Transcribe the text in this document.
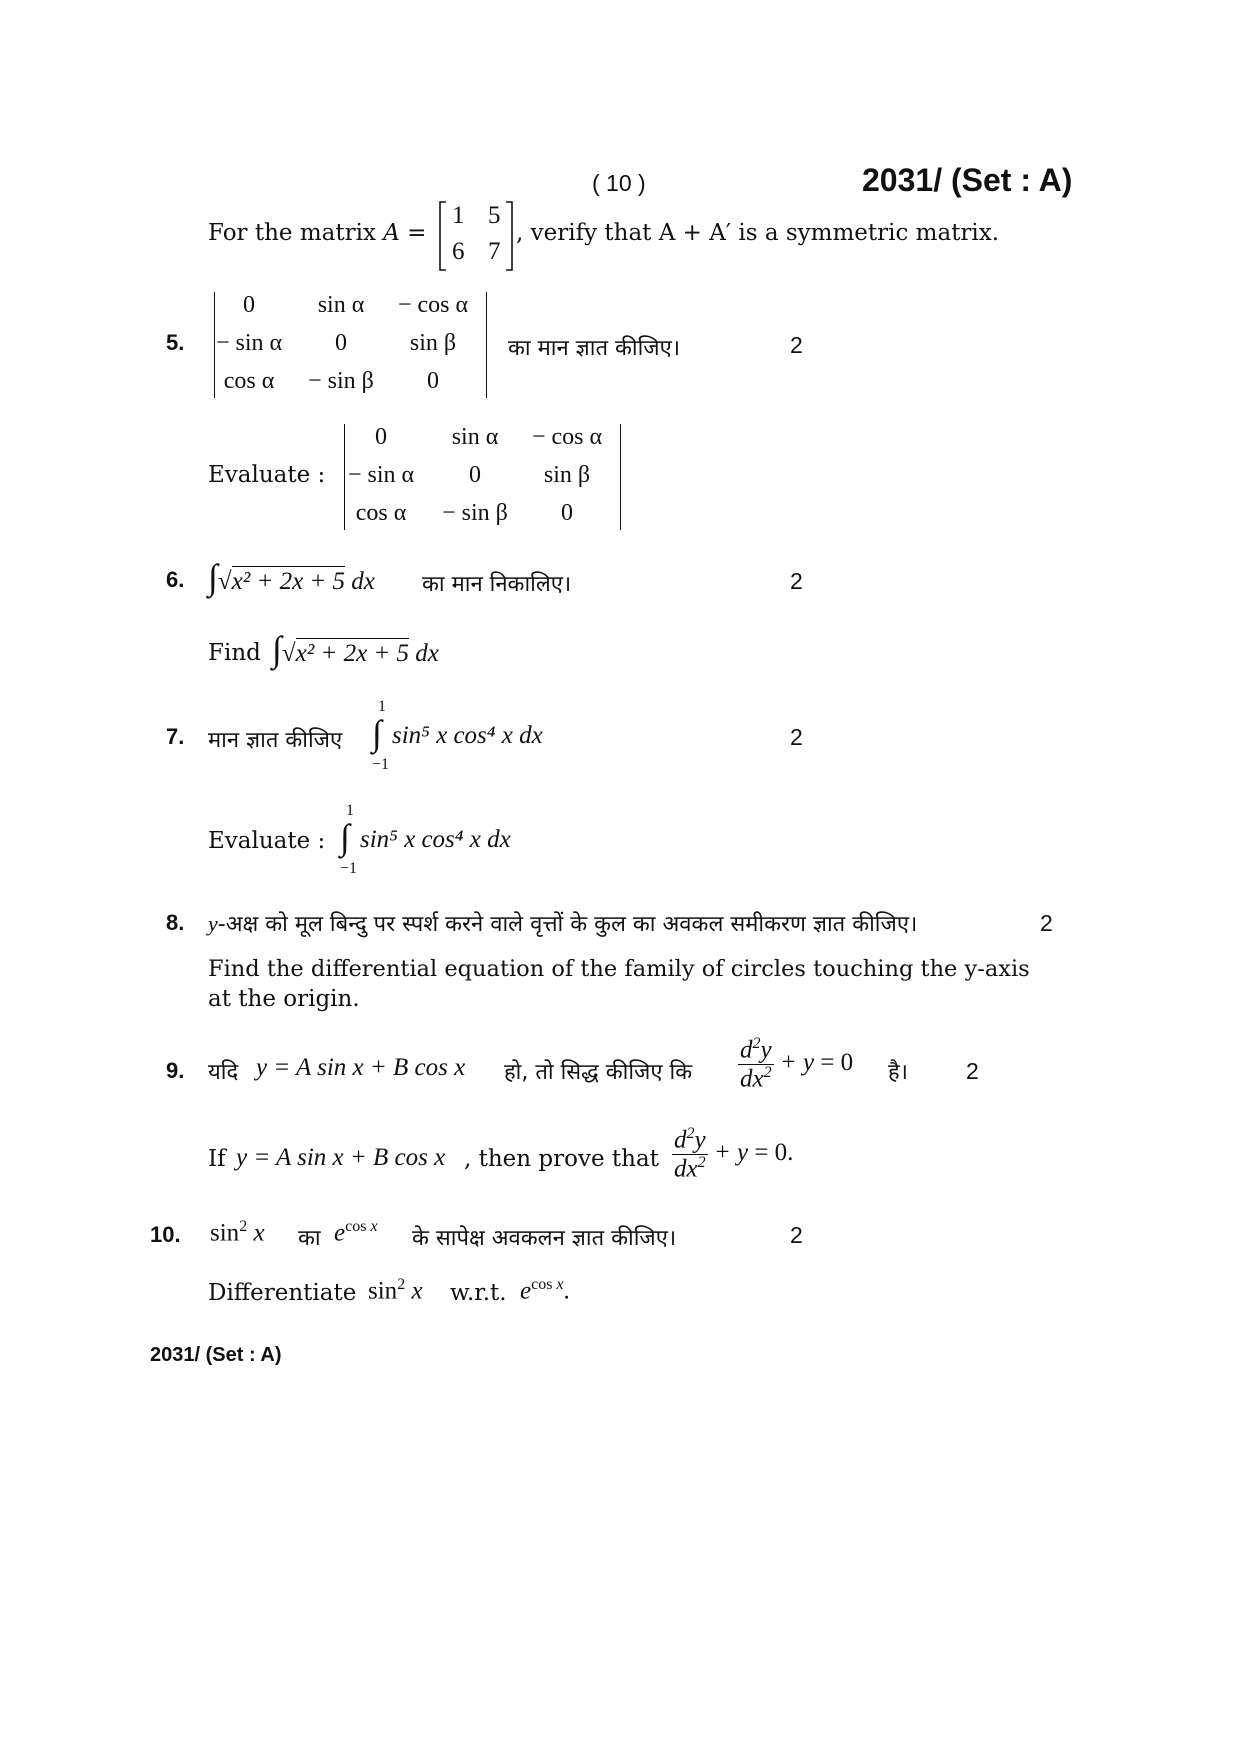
( 10 )	2031/ (Set : A)
For the matrix A =
1 5
6 7
, verify that A + A′ is a symmetric matrix.
5.
0	sin α	− cos α
− sin α	0	sin β
cos α	− sin β	0
का मान ज्ञात कीजिए।	2
Evaluate :
0	sin α	− cos α
− sin α	0	sin β
cos α	− sin β	0
6. ∫√x² + 2x + 5 dx का मान निकालिए।	2
Find ∫√x² + 2x + 5 dx
7. मान ज्ञात कीजिए
1
∫
−1
sin⁵ x cos⁴ x dx	2
Evaluate :
1
∫
−1
sin⁵ x cos⁴ x dx
8. y-अक्ष को मूल बिन्दु पर स्पर्श करने वाले वृत्तों के कुल का अवकल समीकरण ज्ञात कीजिए।	2
Find the differential equation of the family of circles touching the y-axis
at the origin.
9. यदि y = A sin x + B cos x हो, तो सिद्ध कीजिए कि $\frac{d^2y}{dx^2} + y = 0$ है।	2
If y = A sin x + B cos x , then prove that $\frac{d^2y}{dx^2} + y = 0$.
10. $\sin^2 x$ का $e^{cos x}$ के सापेक्ष अवकलन ज्ञात कीजिए।	2
Differentiate $\sin^2 x$ w.r.t. $e^{cos x}$.
2031/ (Set : A)
